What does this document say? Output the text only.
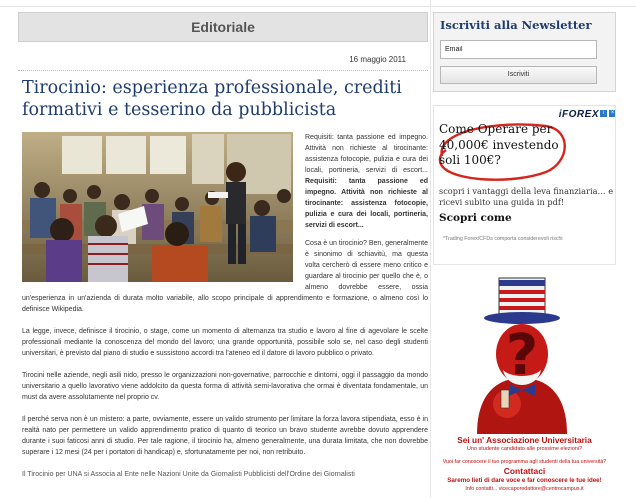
Editoriale
16 maggio 2011
Tirocinio: esperienza professionale, crediti formativi e tesserino da pubblicista

Requisiti: tanta passione ed impegno. Attività non richieste al tirocinante: assistenza fotocopie, pulizia e cura dei locali, portineria, servizi di escort... Requisiti: tanta passione ed impegno. Attività non richieste al tirocinante: assistenza fotocopie, pulizia e cura dei locali, portineria, servizi di escort...

Cosa è un tirocinio? Ben, generalmente è sinonimo di schiavitù, ma questa volta cercherò di essere meno critico e guardare al tirocinio per quello che è, o almeno dovrebbe essere, ossia un'esperienza in un'azienda di durata molto variabile, allo scopo principale di apprendimento e formazione, o almeno così lo definisce Wikipedia.

La legge, invece, definisce il tirocinio, o stage, come un momento di alternanza tra studio e lavoro al fine di agevolare le scelte professionali mediante la conoscenza del mondo del lavoro; una grande opportunità, possibile solo se, nel caso degli studenti universitari, è previsto dal piano di studio e sussistono accordi tra l'ateneo ed il datore di lavoro pubblico o privato.

Tirocini nelle aziende, negli asili nido, presso le organizzazioni non-governative, parrocchie e dintorni, oggi il passaggio da mondo universitario a quello lavorativo viene addolcito da questa forma di attività semi-lavorativa che ormai è diventata fondamentale, un must da avere assolutamente nel proprio cv.

Il perché serva non è un mistero: a parte, ovviamente, essere un valido strumento per limitare la forza lavora stipendiata, esso è in realtà nato per permettere un valido apprendimento pratico di quanto di teorico un bravo studente avrebbe dovuto apprendere durante i suoi faticosi anni di studio. Per tale ragione, il tirocinio ha, almeno generalmente, una durata limitata, che non dovrebbe superare i 12 mesi (24 per i portatori di handicap) e, sfortunatamente per noi, non retribuito.

Il Tirocinio per UNA si Associa al Ente nelle Nazioni Unite da Giornalisti Pubblicisti dell'Ordine dei Giornalisti

Iscriviti alla Newsletter
Email
Iscriviti
iFOREX i	×
Come Operare per
40,000€ investendo
soli 100€?
scopri i vantaggi della leva finanziaria… e ricevi subito una guida in pdf!
Scopri come
*Trading Forex/CFDs comporta considerevoli rischi
?
Sei un' Associazione Universitaria
Uno studente candidato alle prossime elezioni?
Vuoi far conoscere il tuo programma agli studenti della tua università?
Contattaci
Saremo lieti di dare voce e far conoscere le tue idee!
Info contatti... vicecaporedattore@centrocampus.it
